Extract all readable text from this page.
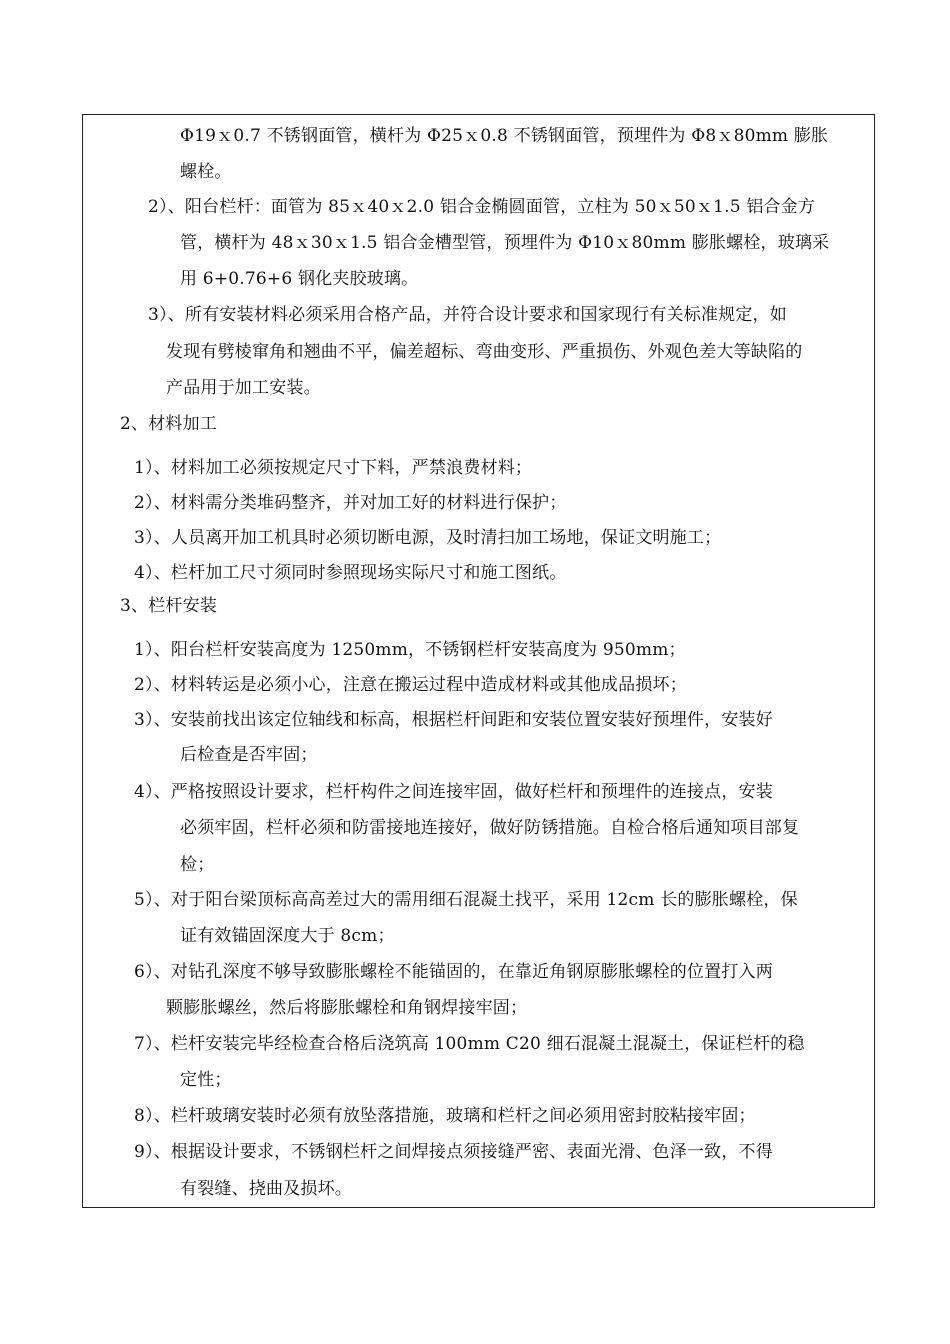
Φ19ｘ0.7 不锈钢面管，横杆为 Φ25ｘ0.8 不锈钢面管，预埋件为 Φ8ｘ80mm 膨胀
螺栓。
2）、阳台栏杆：面管为 85ｘ40ｘ2.0 铝合金椭圆面管，立柱为 50ｘ50ｘ1.5 铝合金方
管，横杆为 48ｘ30ｘ1.5 铝合金槽型管，预埋件为 Φ10ｘ80mm 膨胀螺栓，玻璃采
用 6+0.76+6 钢化夹胶玻璃。
3）、所有安装材料必须采用合格产品，并符合设计要求和国家现行有关标准规定，如
发现有劈棱窜角和翘曲不平，偏差超标、弯曲变形、严重损伤、外观色差大等缺陷的
产品用于加工安装。
2、材料加工
1）、材料加工必须按规定尺寸下料，严禁浪费材料；
2）、材料需分类堆码整齐，并对加工好的材料进行保护；
3）、人员离开加工机具时必须切断电源，及时清扫加工场地，保证文明施工；
4）、栏杆加工尺寸须同时参照现场实际尺寸和施工图纸。
3、栏杆安装
1）、阳台栏杆安装高度为 1250mm，不锈钢栏杆安装高度为 950mm；
2）、材料转运是必须小心，注意在搬运过程中造成材料或其他成品损坏；
3）、安装前找出该定位轴线和标高，根据栏杆间距和安装位置安装好预埋件，安装好
后检查是否牢固；
4）、严格按照设计要求，栏杆构件之间连接牢固，做好栏杆和预埋件的连接点，安装
必须牢固，栏杆必须和防雷接地连接好，做好防锈措施。自检合格后通知项目部复
检；
5）、对于阳台梁顶标高高差过大的需用细石混凝土找平，采用 12cm 长的膨胀螺栓，保
证有效锚固深度大于 8cm；
6）、对钻孔深度不够导致膨胀螺栓不能锚固的，在靠近角钢原膨胀螺栓的位置打入两
颗膨胀螺丝，然后将膨胀螺栓和角钢焊接牢固；
7）、栏杆安装完毕经检查合格后浇筑高 100mm C20 细石混凝土混凝土，保证栏杆的稳
定性；
8）、栏杆玻璃安装时必须有放坠落措施，玻璃和栏杆之间必须用密封胶粘接牢固；
9）、根据设计要求，不锈钢栏杆之间焊接点须接缝严密、表面光滑、色泽一致，不得
有裂缝、挠曲及损坏。
